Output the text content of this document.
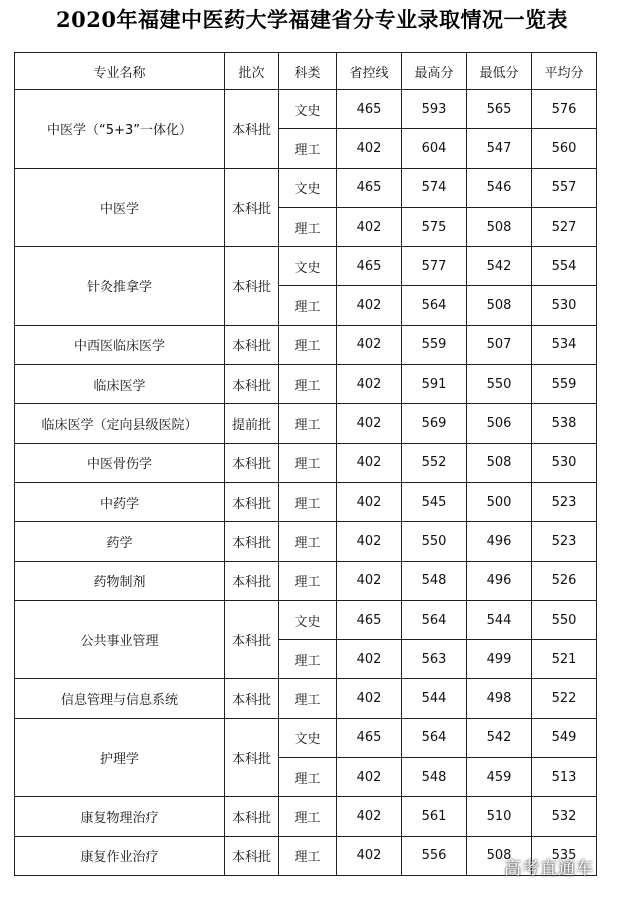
2020年福建中医药大学福建省分专业录取情况一览表
专业名称	批次	科类	省控线	最高分	最低分	平均分
中医学（“5+3”一体化）	本科批	文史	465	593	565	576
		理工	402	604	547	560
中医学	本科批	文史	465	574	546	557
		理工	402	575	508	527
针灸推拿学	本科批	文史	465	577	542	554
		理工	402	564	508	530
中西医临床医学	本科批	理工	402	559	507	534
临床医学	本科批	理工	402	591	550	559
临床医学（定向县级医院）	提前批	理工	402	569	506	538
中医骨伤学	本科批	理工	402	552	508	530
中药学	本科批	理工	402	545	500	523
药学	本科批	理工	402	550	496	523
药物制剂	本科批	理工	402	548	496	526
公共事业管理	本科批	文史	465	564	544	550
		理工	402	563	499	521
信息管理与信息系统	本科批	理工	402	544	498	522
护理学	本科批	文史	465	564	542	549
		理工	402	548	459	513
康复物理治疗	本科批	理工	402	561	510	532
康复作业治疗	本科批	理工	402	556	508	535
高考直通车
